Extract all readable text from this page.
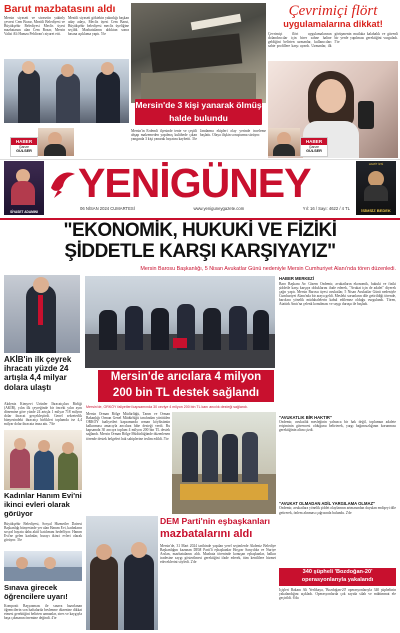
Barut mazbatasını aldı
Mersin siyaseti ve sivasetin yakinly çevresi Cem Bozar, Mezitli Belediyesi ve Büyükşehir Belediyesi Meclis üyesi mazbatasını alan Cem Bozar, Mersin Valisi Ali Hamza Pehlivan'ı ziyaret etti.
Mezitli siyaseti göktekin yakınlığı başkan aday adayı, Meclis üyesi Cem Barut, Büyükşehir belediyesi meclis üyeliğine seçildi. Mazbatalarını aldıktan sonra basına açıklama yaptı. 5'te
HABER
Ganze
GÜLSER
Mersin'de 3 kişi yanarak ölmüş halde bulundu
Mersin'in Erdemli ilçesinde tente ve çeşitli ahşap malzemeden yapılmış kulübede çıkan yangında 3 kişi yanarak hayatını kaybetti. 3'te
Jandarma ekipleri olay yerinde inceleme başlattı. Olaya ilişkin soruşturma sürüyor.
Çevrimiçi flört
uygulamalarına dikkat!
Çevrimiçi flört uygulamalarının dolandırıcılar için birer sahne haline geldiğini belirten uzmanlar, kullanıcıları sahte profillere karşı uyardı. Uzmanlar, ilk görüşmenin mutlaka kalabalık ve güvenli bir yerde yapılması gerektiğini vurguladı. 5'te
HABER
Ganze
GÜLSER
SİYASET ADAMINI
YENİGÜNEY
06 NİSAN 2024 CUMARTESİ	www.yeniguneygazete.com	Yıl: 16 / Sayı: 4622 / 4 TL
HAMİT İZSİ
İSİMSİZ BEDEK
"EKONOMİK, HUKUKİ VE FİZİKİ
ŞİDDETLE KARŞI KARŞIYAYIZ"
Mersin Barosu Başkanlığı, 5 Nisan Avukatlar Günü nedeniyle Mersin Cumhuriyet Alanı'nda tören düzenledi.
AKİB'in ilk çeyrek ihracatı yüzde 24 artışla 4,4 milyar dolara ulaştı
Akdeniz Kimyevi Ürünler İhracatçıları Birliği (AKİB), yılın ilk çeyreğinde bir önceki yılın aynı dönemine göre yüzde 24 artışla 1 milyar 718 milyon dolar ihracat gerçekleştirdi. Genel sekreterlik bünyesindeki ihracatçı birlikleri toplamda ise 4,4 milyar dolar ihracata imza attı. 7'de
Kadınlar Hanım Evi'ni ikinci evleri olarak görüyor
Büyükşehir Belediyesi, Sosyal Hizmetler Dairesi Başkanlığı bünyesinde yer alan Hanım Evi, kadınların sosyal hayata daha aktif katılımını hedefliyor. Hanım Evi'ne gelen kadınlar, burayı ikinci evleri olarak görüyor. 3'te
Sınava girecek öğrencilere uyarı!
Kompozit Başyazması ile sınava hazırlanan öğrencilerin son haftalarda beslenme düzenine dikkat etmesi gerektiğini belirten uzmanlar, stres ve kaygıyla başa çıkmanın önemine değindi. 4'te
HABER MERKEZİ
Baro Başkanı Av. Gizem Özdemir, avukatların ekonomik, hukuki ve fiziki şiddetle karşı karşıya olduklarını ifade ederek, "Avukat için de adalet" diyerek çağrı yaptı. Mersin Barosu üyesi avukatlar, 5 Nisan Avukatlar Günü nedeniyle Cumhuriyet Alanı'nda bir araya geldi. Mesleki sorunların dile getirildiği törende, barolara yönelik müdahalelerin kabul edilemez olduğu vurgulandı. Tören, Atatürk Anıtı'na çelenk konulması ve saygı duruşu ile başladı.
"AVUKATLIK BİR HAKTIR"
Özdemir, avukatlık mesleğinin yalnızca bir hak değil, toplumun adalete erişiminin güvencesi olduğunu belirterek, yargı bağımsızlığının korunması gerektiğinin altını çizdi.
"AVUKAT OLMADAN ADİL YARGILAMA OLMAZ"
Özdemir, avukatlara yönelik şiddet olaylarının artmasından duyulan endişeyi dile getirerek, önlem alınması çağrısında bulundu. 2'de
Mersin'de arıcılara 4 milyon
200 bin TL destek sağlandı
Mersin'de, ORKÖY faliyetleri kapsamında 30 ceviye 4 milyon 200 bin TL kanı ancılık desteği sağlandı.
Mersin Orman Bölge Müdürlüğü, Tarım ve Orman Bakanlığı Orman Genel Müdürlüğü tarafından yürütülen ORKÖY faaliyetleri kapsamında orman köylüsünün kalkınması amacıyla arıcılara hibe desteği verdi. Bu kapsamda 30 arıcıya toplam 4 milyon 200 bin TL destek sağlandı. Mersin Orman Bölge Müdürlüğünde düzenlenen törende destek belgeleri hak sahiplerine teslim edildi. 5'te
DEM Parti'nin eşbaşkanları
mazbatalarını aldı
Mersin'de, 31 Mart 2024 tarihinde yapılan yerel seçimlerde Akdeniz Belediye Başkanlığını kazanan DEM Parti'li eşbaşkanlar Hoşyar Sarıyıldız ve Nuriye Arslan, mazbatalarını aldı. Mazbata töreninde konuşan eşbaşkanlar, halkın iradesine saygı gösterilmesi gerektiğini ifade ederek, tüm kentlilere hizmet edeceklerini söyledi. 2'de
340 şüpheli 'Bozdoğan-20'
operasyonlarıyla yakalandı
İçişleri Bakanı Ali Yerlikaya, 'Bozdoğan-20' operasyonlarıyla 340 şüphelinin yakalandığını açıkladı. Operasyonlarda çok sayıda silah ve mühimmat ele geçirildi. 6'da
